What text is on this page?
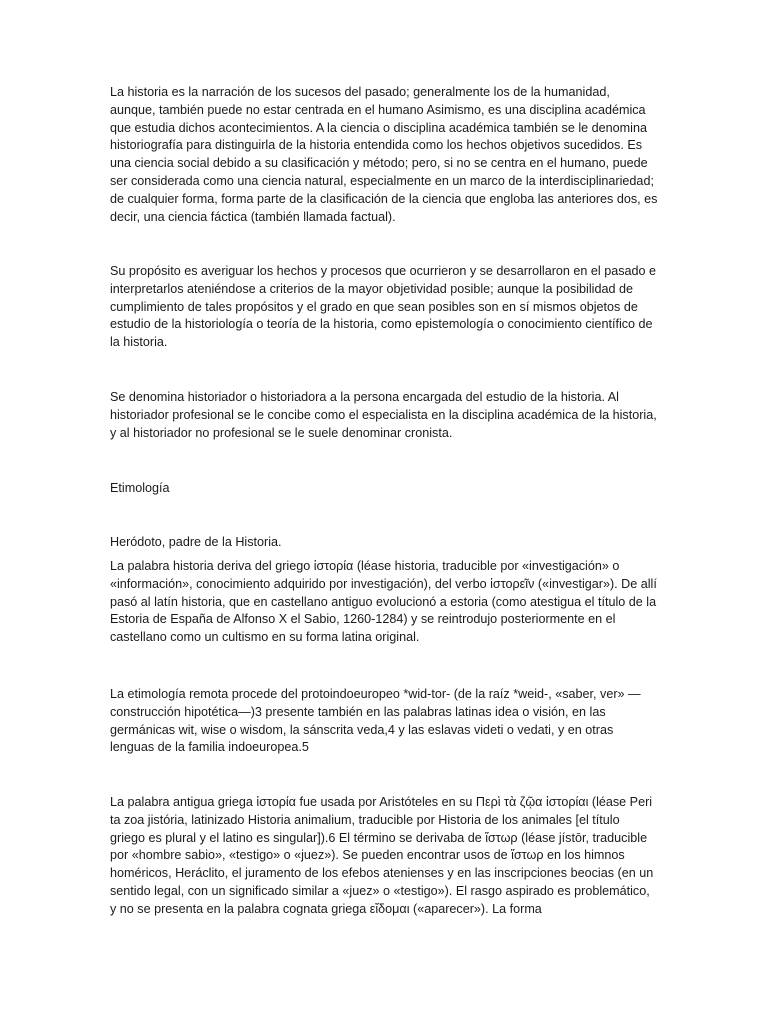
La historia es la narración de los sucesos del pasado; generalmente los de la humanidad, aunque, también puede no estar centrada en el humano Asimismo, es una disciplina académica que estudia dichos acontecimientos. A la ciencia o disciplina académica también se le denomina historiografía para distinguirla de la historia entendida como los hechos objetivos sucedidos. Es una ciencia social debido a su clasificación y método; pero, si no se centra en el humano, puede ser considerada como una ciencia natural, especialmente en un marco de la interdisciplinariedad; de cualquier forma, forma parte de la clasificación de la ciencia que engloba las anteriores dos, es decir, una ciencia fáctica (también llamada factual).

Su propósito es averiguar los hechos y procesos que ocurrieron y se desarrollaron en el pasado e interpretarlos ateniéndose a criterios de la mayor objetividad posible; aunque la posibilidad de cumplimiento de tales propósitos y el grado en que sean posibles son en sí mismos objetos de estudio de la historiología o teoría de la historia, como epistemología o conocimiento científico de la historia.

Se denomina historiador o historiadora a la persona encargada del estudio de la historia. Al historiador profesional se le concibe como el especialista en la disciplina académica de la historia, y al historiador no profesional se le suele denominar cronista.

Etimología

Heródoto, padre de la Historia.

La palabra historia deriva del griego ἱστορία (léase historia, traducible por «investigación» o «información», conocimiento adquirido por investigación), del verbo ἱστορεῖν («investigar»). De allí pasó al latín historia, que en castellano antiguo evolucionó a estoria (como atestigua el título de la Estoria de España de Alfonso X el Sabio, 1260-1284) y se reintrodujo posteriormente en el castellano como un cultismo en su forma latina original.

La etimología remota procede del protoindoeuropeo *wid-tor- (de la raíz *weid-, «saber, ver» —construcción hipotética—)3 presente también en las palabras latinas idea o visión, en las germánicas wit, wise o wisdom, la sánscrita veda,4 y las eslavas videti o vedati, y en otras lenguas de la familia indoeuropea.5

La palabra antigua griega ἱστορία fue usada por Aristóteles en su Περὶ τὰ ζῷα ἱστορίαι (léase Peri ta zoa jistória, latinizado Historia animalium, traducible por Historia de los animales [el título griego es plural y el latino es singular]).6 El término se derivaba de ἵστωρ (léase jístōr, traducible por «hombre sabio», «testigo» o «juez»). Se pueden encontrar usos de ἵστωρ en los himnos homéricos, Heráclito, el juramento de los efebos atenienses y en las inscripciones beocias (en un sentido legal, con un significado similar a «juez» o «testigo»). El rasgo aspirado es problemático, y no se presenta en la palabra cognata griega εἴδομαι («aparecer»). La forma
